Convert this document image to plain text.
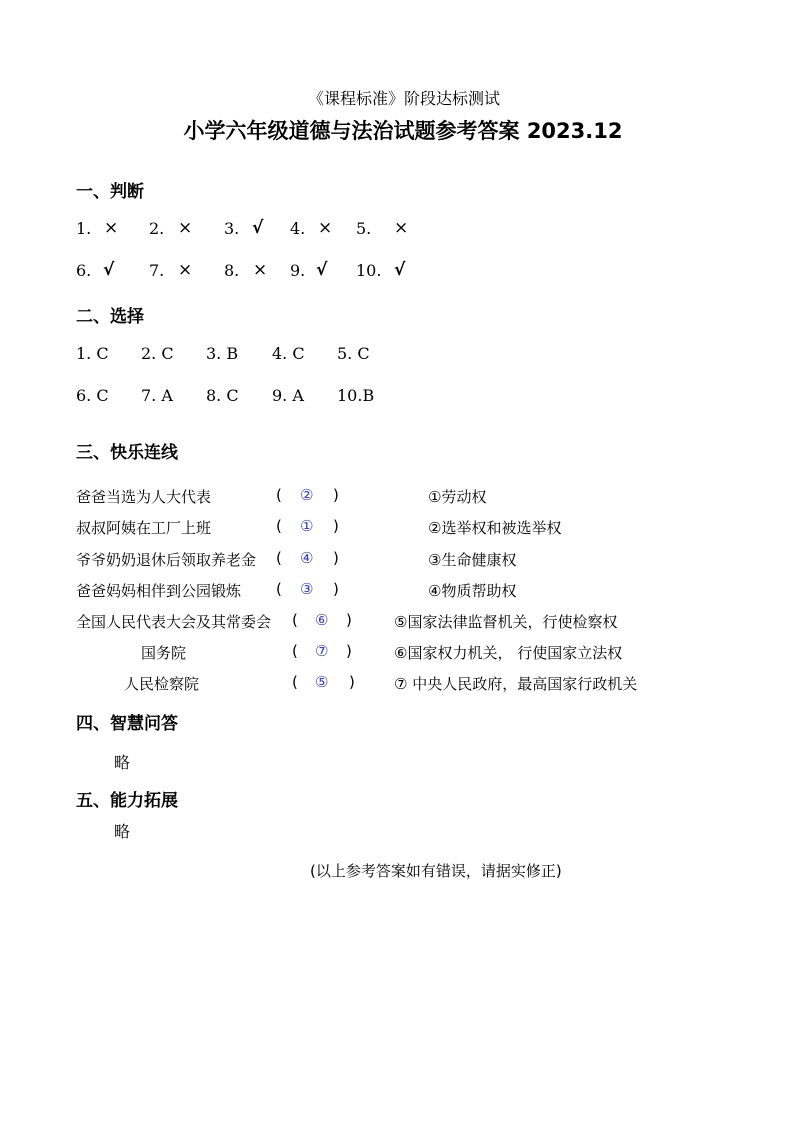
《课程标准》阶段达标测试
小学六年级道德与法治试题参考答案 2023.12
一、判断
1. × 2. × 3. √ 4. × 5. ×
6. √ 7. × 8. × 9. √ 10. √
二、选择
1. C 2. C 3. B 4. C 5. C
6. C 7. A 8. C 9. A 10.B
三、快乐连线
爸爸当选为人大代表	( ② )	①劳动权
叔叔阿姨在工厂上班	( ① )	②选举权和被选举权
爷爷奶奶退休后领取养老金 ( ④ )	③生命健康权
爸爸妈妈相伴到公园锻炼 ( ③ )	④物质帮助权
全国人民代表大会及其常委会 ( ⑥ )	⑤国家法律监督机关，行使检察权
国务院	( ⑦ )	⑥国家权力机关， 行使国家立法权
人民检察院	( ⑤ )	⑦ 中央人民政府，最高国家行政机关
四、智慧问答
略
五、能力拓展
略
(以上参考答案如有错误，请据实修正)
